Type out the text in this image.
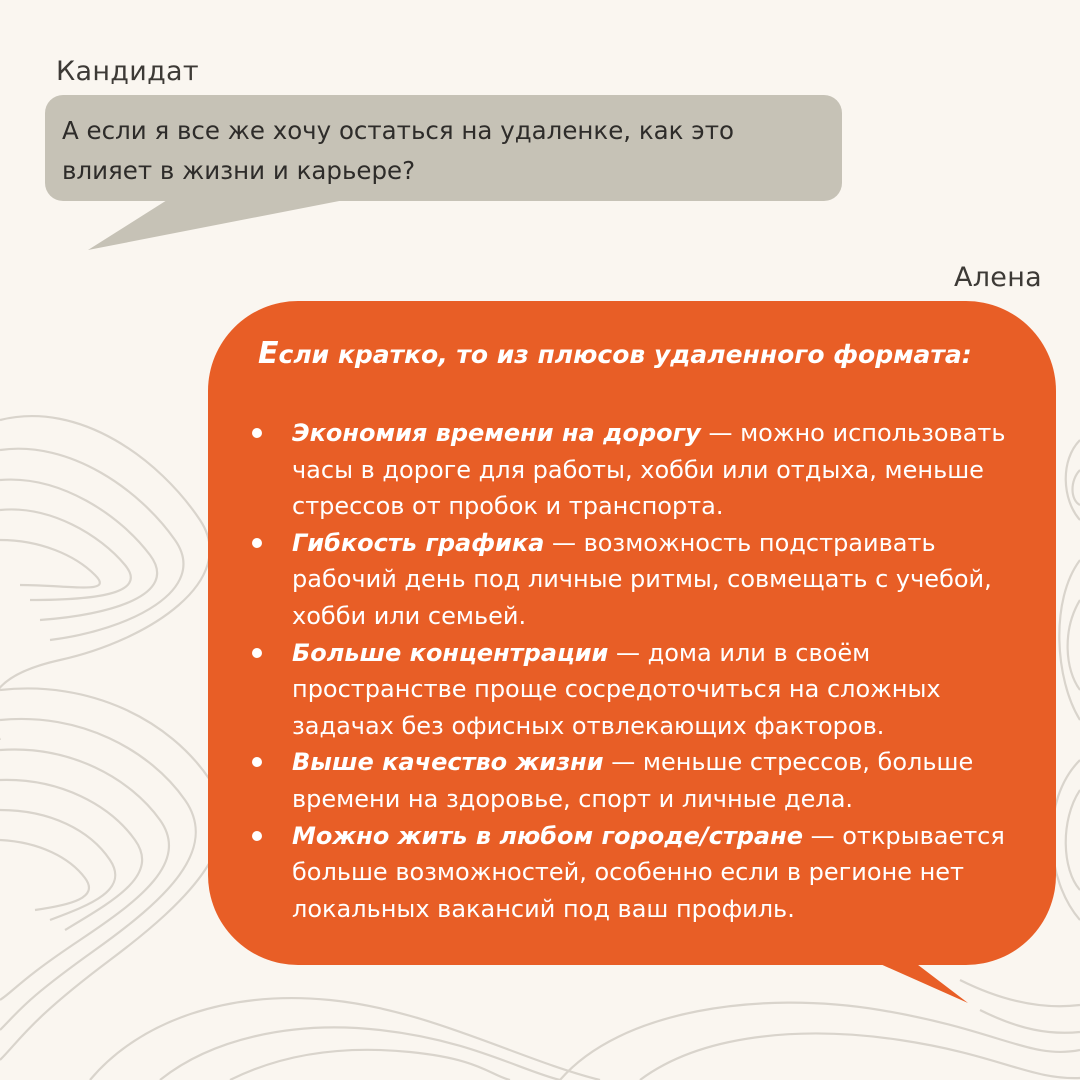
Кандидат
А если я все же хочу остаться на удаленке, как это влияет в жизни и карьере?
Алена
Если кратко, то из плюсов удаленного формата:
Экономия времени на дорогу — можно использовать часы в дороге для работы, хобби или отдыха, меньше стрессов от пробок и транспорта.
Гибкость графика — возможность подстраивать рабочий день под личные ритмы, совмещать с учебой, хобби или семьей.
Больше концентрации — дома или в своём пространстве проще сосредоточиться на сложных задачах без офисных отвлекающих факторов.
Выше качество жизни — меньше стрессов, больше времени на здоровье, спорт и личные дела.
Можно жить в любом городе/стране — открывается больше возможностей, особенно если в регионе нет локальных вакансий под ваш профиль.
